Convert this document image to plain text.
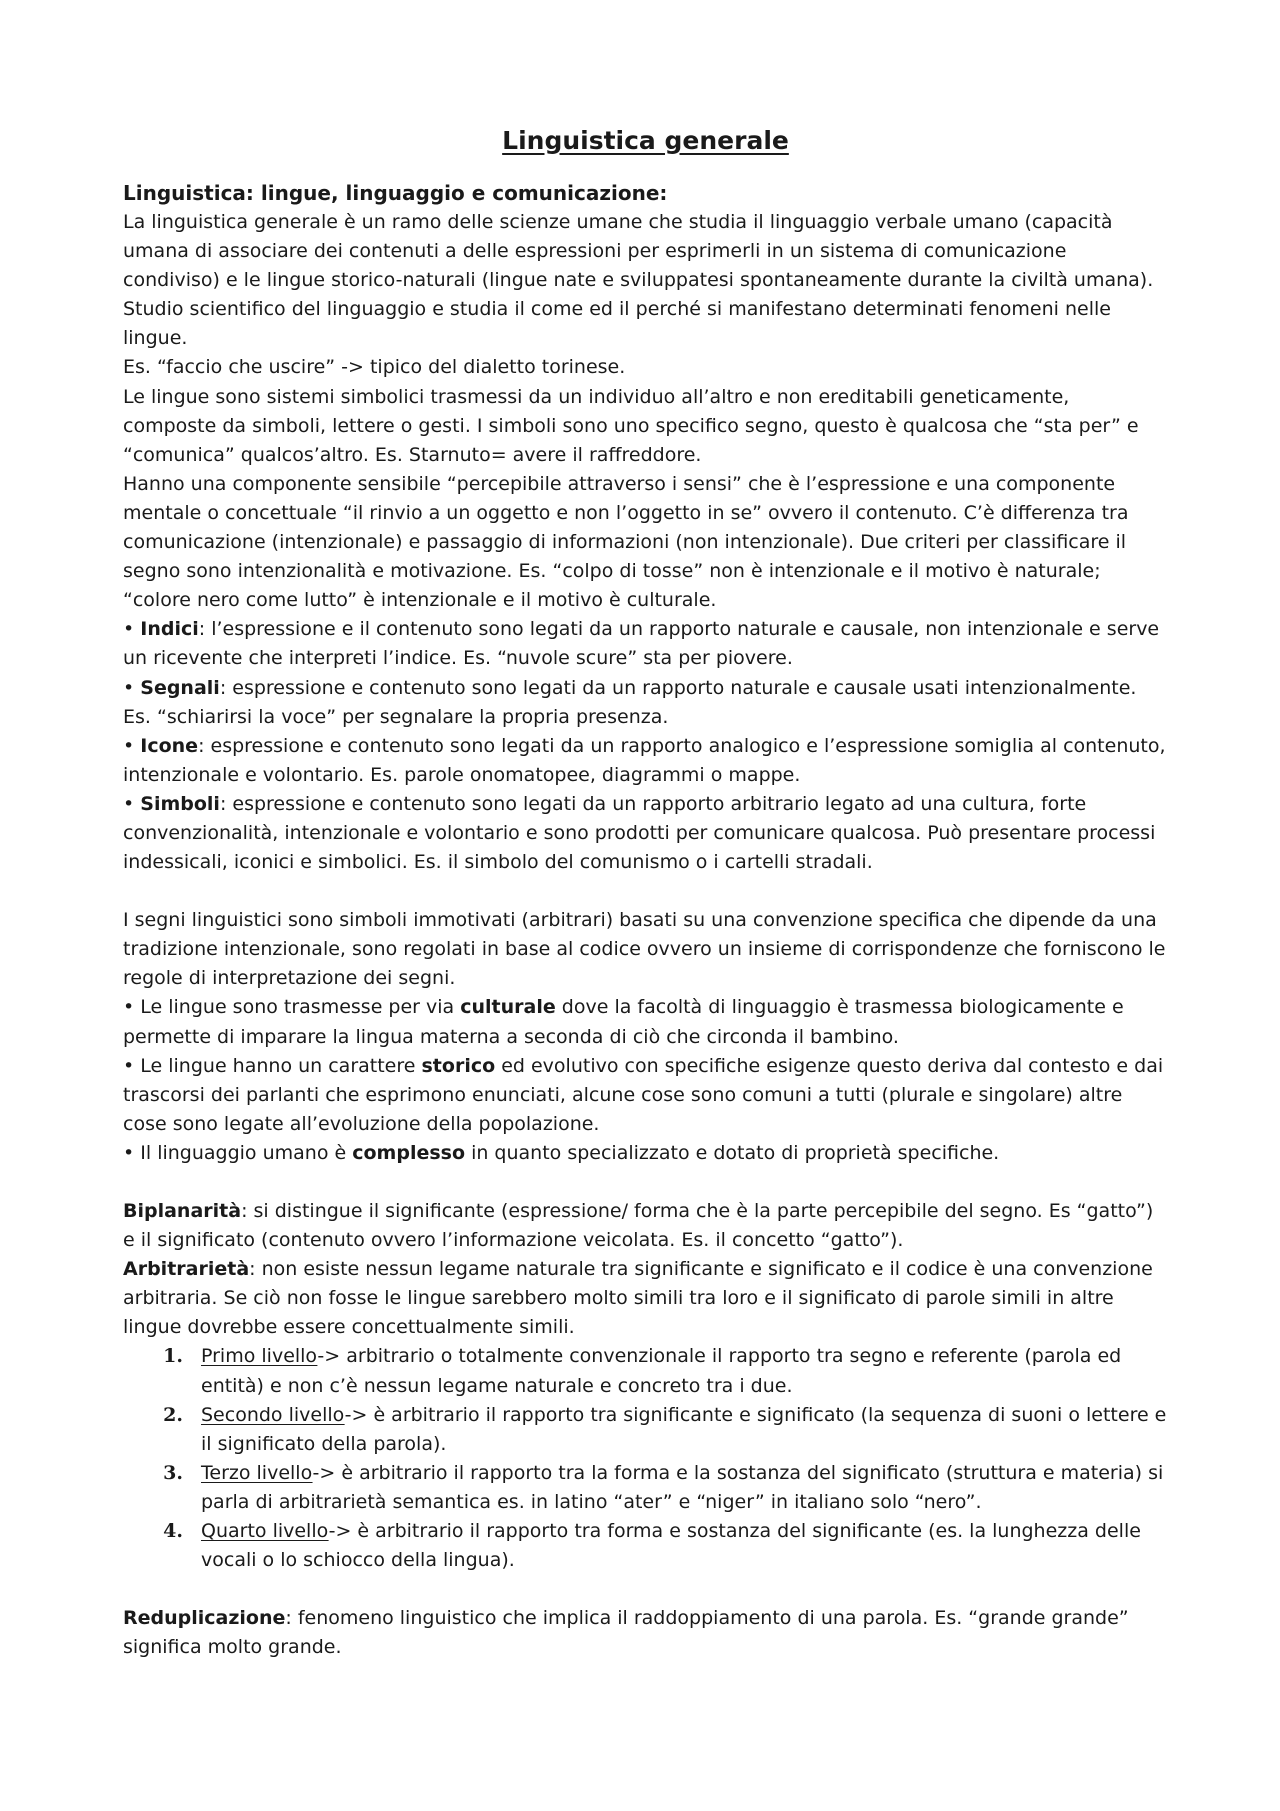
Linguistica generale
Linguistica: lingue, linguaggio e comunicazione:

La linguistica generale è un ramo delle scienze umane che studia il linguaggio verbale umano (capacità umana di associare dei contenuti a delle espressioni per esprimerli in un sistema di comunicazione condiviso) e le lingue storico-naturali (lingue nate e sviluppatesi spontaneamente durante la civiltà umana). Studio scientifico del linguaggio e studia il come ed il perché si manifestano determinati fenomeni nelle lingue.

Es. “faccio che uscire” -> tipico del dialetto torinese.

Le lingue sono sistemi simbolici trasmessi da un individuo all’altro e non ereditabili geneticamente, composte da simboli, lettere o gesti. I simboli sono uno specifico segno, questo è qualcosa che “sta per” e “comunica” qualcos’altro. Es. Starnuto= avere il raffreddore.

Hanno una componente sensibile “percepibile attraverso i sensi” che è l’espressione e una componente mentale o concettuale “il rinvio a un oggetto e non l’oggetto in se” ovvero il contenuto. C’è differenza tra comunicazione (intenzionale) e passaggio di informazioni (non intenzionale). Due criteri per classificare il segno sono intenzionalità e motivazione. Es. “colpo di tosse” non è intenzionale e il motivo è naturale; “colore nero come lutto” è intenzionale e il motivo è culturale.

• Indici: l’espressione e il contenuto sono legati da un rapporto naturale e causale, non intenzionale e serve un ricevente che interpreti l’indice. Es. “nuvole scure” sta per piovere.

• Segnali: espressione e contenuto sono legati da un rapporto naturale e causale usati intenzionalmente. Es. “schiarirsi la voce” per segnalare la propria presenza.

• Icone: espressione e contenuto sono legati da un rapporto analogico e l’espressione somiglia al contenuto, intenzionale e volontario. Es. parole onomatopee, diagrammi o mappe.

• Simboli: espressione e contenuto sono legati da un rapporto arbitrario legato ad una cultura, forte convenzionalità, intenzionale e volontario e sono prodotti per comunicare qualcosa. Può presentare processi indessicali, iconici e simbolici. Es. il simbolo del comunismo o i cartelli stradali.

I segni linguistici sono simboli immotivati (arbitrari) basati su una convenzione specifica che dipende da una tradizione intenzionale, sono regolati in base al codice ovvero un insieme di corrispondenze che forniscono le regole di interpretazione dei segni.

• Le lingue sono trasmesse per via culturale dove la facoltà di linguaggio è trasmessa biologicamente e permette di imparare la lingua materna a seconda di ciò che circonda il bambino.

• Le lingue hanno un carattere storico ed evolutivo con specifiche esigenze questo deriva dal contesto e dai trascorsi dei parlanti che esprimono enunciati, alcune cose sono comuni a tutti (plurale e singolare) altre cose sono legate all’evoluzione della popolazione.

• Il linguaggio umano è complesso in quanto specializzato e dotato di proprietà specifiche.

Biplanarità: si distingue il significante (espressione/ forma che è la parte percepibile del segno. Es “gatto”) e il significato (contenuto ovvero l’informazione veicolata. Es. il concetto “gatto”).

Arbitrarietà: non esiste nessun legame naturale tra significante e significato e il codice è una convenzione arbitraria. Se ciò non fosse le lingue sarebbero molto simili tra loro e il significato di parole simili in altre lingue dovrebbe essere concettualmente simili.

1. Primo livello-> arbitrario o totalmente convenzionale il rapporto tra segno e referente (parola ed entità) e non c’è nessun legame naturale e concreto tra i due.
2. Secondo livello-> è arbitrario il rapporto tra significante e significato (la sequenza di suoni o lettere e il significato della parola).
3. Terzo livello-> è arbitrario il rapporto tra la forma e la sostanza del significato (struttura e materia) si parla di arbitrarietà semantica es. in latino “ater” e “niger” in italiano solo “nero”.
4. Quarto livello-> è arbitrario il rapporto tra forma e sostanza del significante (es. la lunghezza delle vocali o lo schiocco della lingua).

Reduplicazione: fenomeno linguistico che implica il raddoppiamento di una parola. Es. “grande grande” significa molto grande.
